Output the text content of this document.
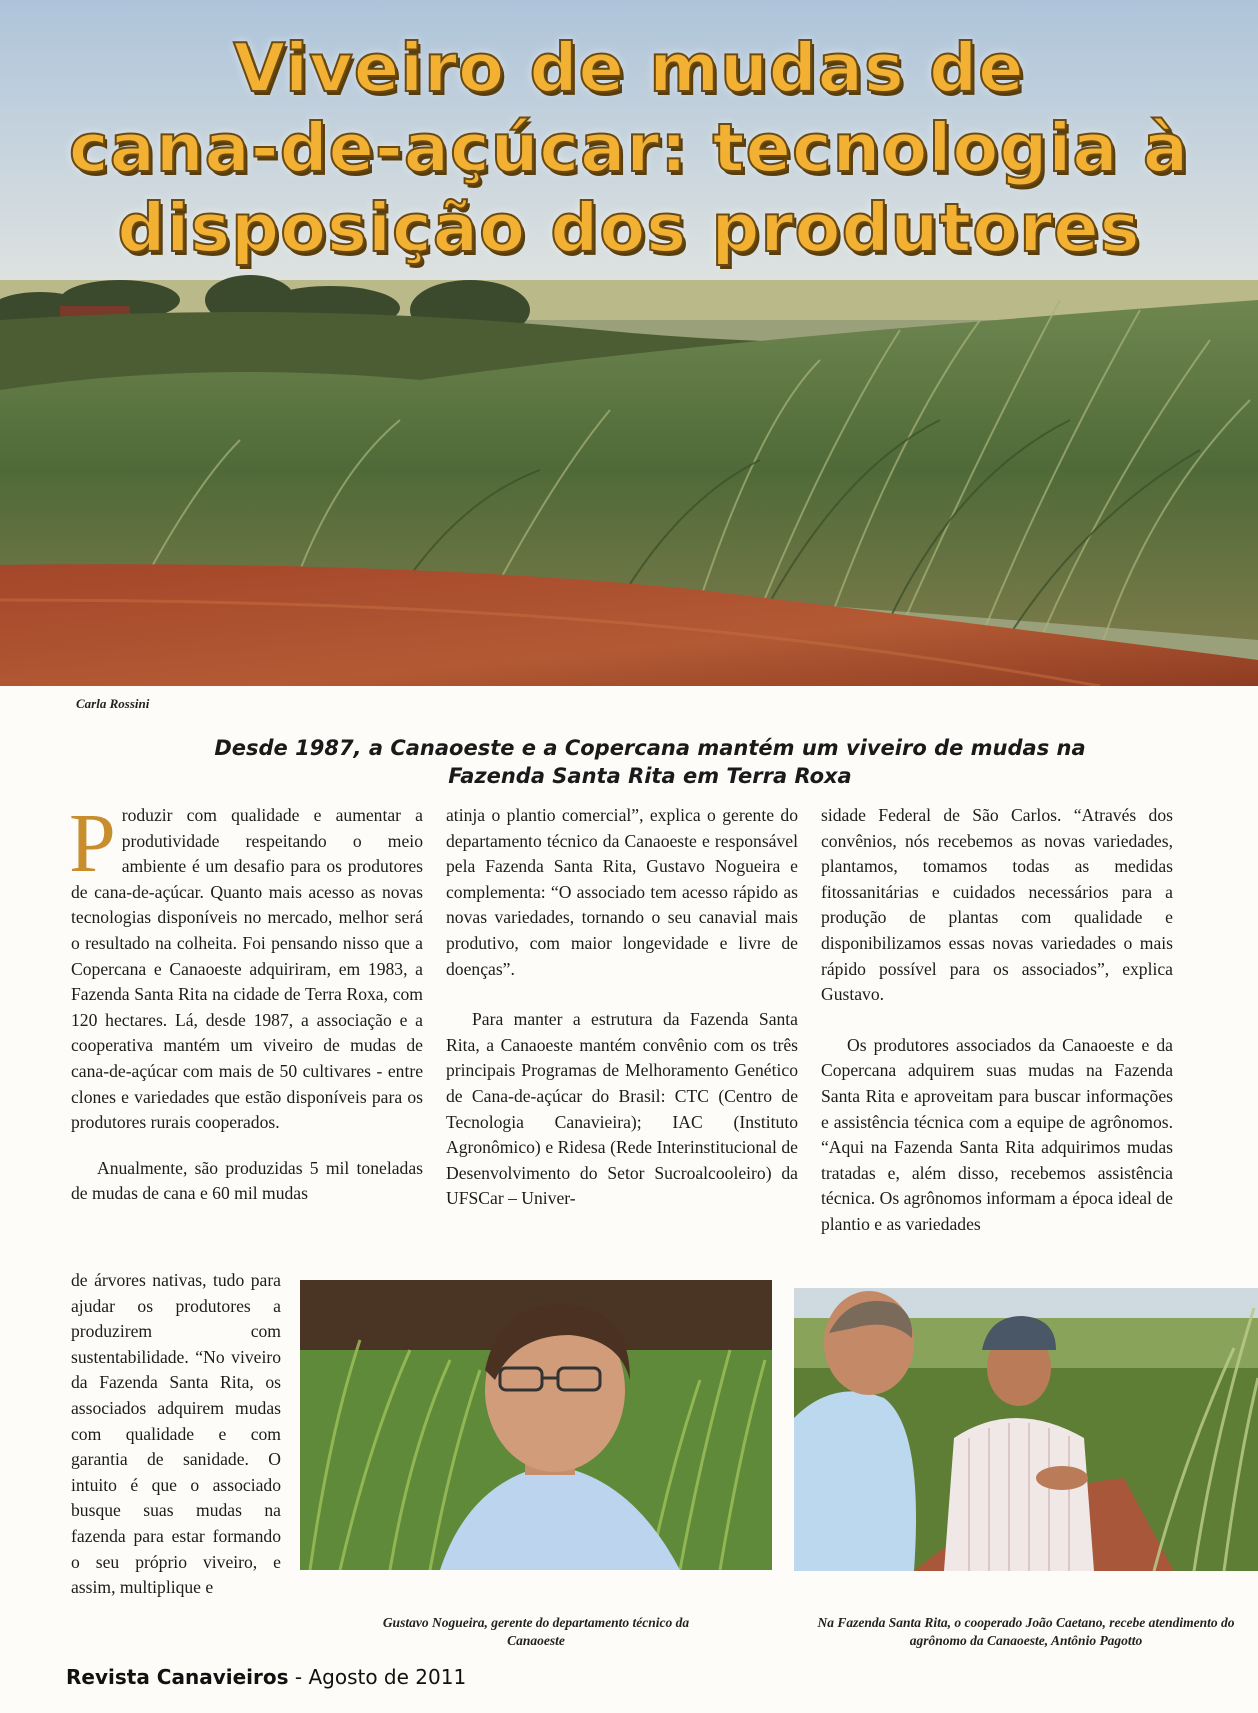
Viveiro de mudas de
cana-de-açúcar: tecnologia à
disposição dos produtores
Carla Rossini
Desde 1987, a Canaoeste e a Copercana mantém um viveiro de mudas na
Fazenda Santa Rita em Terra Roxa

Produzir com qualidade e aumentar a produtividade respeitando o meio ambiente é um desafio para os produtores de cana-de-açúcar. Quanto mais acesso as novas tecnologias disponíveis no mercado, melhor será o resultado na colheita. Foi pensando nisso que a Copercana e Canaoeste adquiriram, em 1983, a Fazenda Santa Rita na cidade de Terra Roxa, com 120 hectares. Lá, desde 1987, a associação e a cooperativa mantém um viveiro de mudas de cana-de-açúcar com mais de 50 cultivares - entre clones e variedades que estão disponíveis para os produtores rurais cooperados.

Anualmente, são produzidas 5 mil toneladas de mudas de cana e 60 mil mudas

de árvores nativas, tudo para ajudar os produtores a produzirem com sustentabilidade. “No viveiro da Fazenda Santa Rita, os associados adquirem mudas com qualidade e com garantia de sanidade. O intuito é que o associado busque suas mudas na fazenda para estar formando o seu próprio viveiro, e assim, multiplique e

atinja o plantio comercial”, explica o gerente do departamento técnico da Canaoeste e responsável pela Fazenda Santa Rita, Gustavo Nogueira e complementa: “O associado tem acesso rápido as novas variedades, tornando o seu canavial mais produtivo, com maior longevidade e livre de doenças”.

Para manter a estrutura da Fazenda Santa Rita, a Canaoeste mantém convênio com os três principais Programas de Melhoramento Genético de Cana-de-açúcar do Brasil: CTC (Centro de Tecnologia Canavieira); IAC (Instituto Agronômico) e Ridesa (Rede Interinstitucional de Desenvolvimento do Setor Sucroalcooleiro) da UFSCar – Univer-

sidade Federal de São Carlos. “Através dos convênios, nós recebemos as novas variedades, plantamos, tomamos todas as medidas fitossanitárias e cuidados necessários para a produção de plantas com qualidade e disponibilizamos essas novas variedades o mais rápido possível para os associados”, explica Gustavo.

Os produtores associados da Canaoeste e da Copercana adquirem suas mudas na Fazenda Santa Rita e aproveitam para buscar informações e assistência técnica com a equipe de agrônomos. “Aqui na Fazenda Santa Rita adquirimos mudas tratadas e, além disso, recebemos assistência técnica. Os agrônomos informam a época ideal de plantio e as variedades

Gustavo Nogueira, gerente do departamento técnico da Canaoeste
Na Fazenda Santa Rita, o cooperado João Caetano, recebe atendimento do agrônomo da Canaoeste, Antônio Pagotto
Revista Canavieiros - Agosto de 2011
